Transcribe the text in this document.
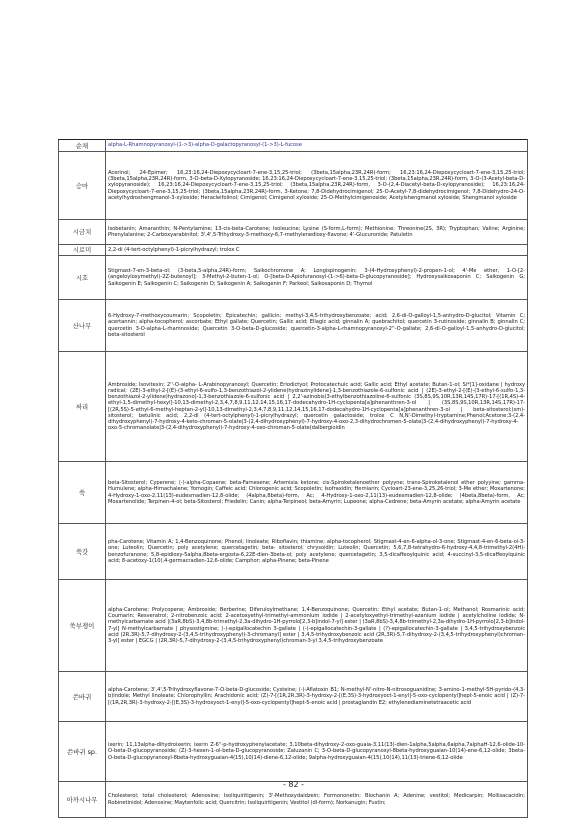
순채	alpha-L-Rhamnopyranosyl-(1->3)-alpha-D-galactopyranosyl-(1->3)-L-fucose
승마	Acerinol; 24-Epimer; 16,23:16,24-Diepoxycycloart-7-ene-3,15,25-triol; (3beta,15alpha,23R,24R)-form; 16,23:16,24-Diepoxycycloart-7-ene-3,15,25-triol; (3beta,15alpha,23R,24R)-form, 3-O-beta-D-Xylopyranoside; 16,23:16,24-Diepoxycycloart-7-ene-3,15,25-triol; (3beta,15alpha,23R,24R)-form, 3-O-(3-Acetyl-beta-D-xylopyranoside); 16,23:16,24-Diepoxycycloart-7-ene-3,15,25-triol; (3beta,15alpha,23R,24R)-form, 3-O-(2,4-Diacetyl-beta-D-xylopyranoside); 16,23:16,24-Diepoxycycloart-7-ene-3,15,25-triol; (3beta,15alpha,23R,24R)-form, 3-Ketone; 7,8-Didehydrocimigenol; 25-O-Acetyl-7,8-didehydrocimigenol; 7,8-Didehydro-24-O-acetylhydroshengmanol-3-xyloside; Heracleifolinol; Cimigenol; Cimigenol xyloside; 25-O-Methylcimigenoside; Acetylshengmanol xyloside; Shengmanol xyloside
시금치	Isobetanin; Amaranthin; N-Pentylamine; 13-cis-beta-Carotene; Isoleucine; Lysine (S-form,L-form); Methionine; Threonine(2S, 3R); Tryptophan; Valine; Arginine; Phenylalanine; 2-Carboxyarabinitol; 3',4',5-Trihydroxy-3-methoxy-6,7-methylenedioxy-flavone; 4'-Glucuronide; Patuletin
시로미	2,2-di (4-tert-octylphenyl)-1-picrylhydrazyl; trolox C
시호	Stigmast-7-en-3-beta-ol; (3-beta,5-alpha,24R)-form; Saikochromone A; Longispinogenin; 3-(4-Hydroxyphenyl)-2-propen-1-ol; 4'-Me ether, 1-O-[2-(angeloyloxymethyl)-2Z-butenoyl]; 3-Methyl-2-buten-1-ol; O-[beta-D-Apiofuranosyl-(1->6)-beta-D-glucopyranoside]; Hydroxysaikosaponin C; Saikogenin G; Saikogenin E; Saikogenin C; Saikogenin D; Saikogenin A; Saikogenin F; Parkeol; Saikosaponin D; Thymol
산나무	6-Hydroxy-7-methoxycoumarin; Scopoletin; Epicatechin; gallicin; methyl-3,4,5-trihydroxybenzoate; acid; 2,6-di-O-galloyl-1,5-anhydro-D-glucitol; Vitamin C; acertannin; alpha-tocopherol; ascorbate; Ethyl gallate; Quercetin; Gallic acid; Ellagic acid; ginnalin A; quebrachitol; quercetin 3-rutinoside; ginnalin B; ginnalin C; quercetin 3-O-alpha-L-rhamnoside; Quercetin 3-O-beta-D-glucoside; quercetin-3-alpha-L-rhamnopyranosyl-2''-O-gallate; 2,6-di-O-galloyl-1,5-anhydro-D-glucitol; beta-sitosterol
싸리	Ambroside; Isovitexin; 2''-O-alpha- L-Arabinopyranosyl; Quercetin; Eriodictyol; Protocatechuic acid; Gallic acid; Ethyl acetate; Butan-1-ol; Si*[1]-oxidane | hydroxy radical; (2E)-3-ethyl-2-[(E)-(3-ethyl-6-sulfo-1,3-benzothiazol-2-ylidene)hydrazinylidene]-1,3-benzothiazole-6-sulfonic acid | (2E)-3-ethyl-2-[(E)-(3-ethyl-6-sulfo-1,3-benzothiazol-2-ylidene)hydrazono]-1,3-benzothiazole-6-sulfonic acid | 2,2'-azinobis(3-ethylbenzothiazoline-6-sulfonic (3S,8S,9S,10R,13R,14S,17R)-17-[(1R,4S)-4-ethyl-1,5-dimethyl-hexyl]-10,13-dimethyl-2,3,4,7,8,9,11,12,14,15,16,17-dodecahydro-1H-cyclopenta[a]phenanthren-3-ol | (3S,8S,9S,10R,13R,14S,17R)-17-[(2R,5S)-5-ethyl-6-methyl-heptan-2-yl]-10,13-dimethyl-2,3,4,7,8,9,11,12,14,15,16,17-dodecahydro-1H-cyclopenta[a]phenanthren-3-ol | beta-sitosterol;(sm)-sitosterol; betulinic acid; 2,2-di (4-tert-octylphenyl)-1-picrylhydrazyl; quercetin galactoside; trolox C N,N'-Dimethyl-tryptamine;Phenol;Acetone;3-(2,4-dihydroxyphenyl)-7-hydroxy-4-keto-chroman-5-olate|3-(2,4-dihydroxyphenyl)-7-hydroxy-4-oxo-2,3-dihydrochromen-5-olate|3-(2,4-dihydroxyphenyl)-7-hydroxy-4-oxo-5-chromanolate|3-(2,4-dihydroxyphenyl)-7-hydroxy-4-oxo-chroman-5-olate(dalbergioidin
쑥	beta-Sitosterol; Cyperene; (-)-alpha-Copaene; beta-Farnesene; Artemisia ketone; cis-Spiroketalenoether polyyne; trans-Spiroketalenol ether polyyine; gamma-Humulene; alpha-Himachalene; Yomogin; Caffeic acid; Chlorogenic acid; Scopoletin; Isofraxidin; Herniarin; Cycloart-23-ene-3,25,26-triol; 3-Me ether; Moxartenone; 4-Hydroxy-1-oxo-2,11(13)-eudesmadien-12,8-olide; (4alpha,8beta)-form, Ac; 4-Hydroxy-1-oxo-2,11(13)-eudesmadien-12,8-olide; (4beta,8beta)-form, Ac; Moxartenolide; Terpinen-4-ol; beta-Sitosterol; Friedelin; Canin; alpha-Terpineol; beta-Amyrin; Lupeone; alpha-Cedrene; beta-Amyrin acetate; alpha-Amyrin acetate
쑥갓	pha-Carotene; Vitamin A; 1,4-Benzoquinone; Phenol; linoleate; Riboflavin; thiamine; alpha-tocopherol; Stigmast-4-en-6-alpha-ol-3-one; Stigmast-4-en-6-beta-ol-3-one; Luteolin; Quercetin; poly acetylene; quercetagetin; beta- sitosterol; chrysoidin; Luteolin; Quercetin; 5,6,7,8-tetrahydro-6-hydroxy-4,4,8-trimethyl-2(4H)-benzofuranone; 5,8-epidioxy-5alpha,8beta-ergosta-6,22E-dien-3beta-ol; poly acetylene; quercetagetin; 3,5-dicaffeoylquinic acid; 4-succinyl-3,5-dicaffeoylquinic acid; 8-acetoxy-1(10),4-germacradien-12,6-olide; Camphor; alpha-Pinene; beta-Pinene
쑥부쟁이	alpha-Carotene; Prolycopene; Ambroside; Berberine; Diferuloylmethane; 1,4-Benzoquinone; Quercetin; Ethyl acetate; Butan-1-ol; Methanol; Rosmarinic acid; Coumarin; Resveratrol; 2-nitrobenzoic acid; 2-acetoxyethyl-trimethyl-ammonium iodide | 2-acetyloxyethyl-trimethyl-azanium iodide | acetylcholine iodide; N-methylcarbamate acid |(3aR,8bS)-3,4,8b-trimethyl-2,3a-dihydro-1H-pyrrolo[2,3-b]indol-7-yl] ester | (3aR,8bS)-3,4,8b-trimethyl-2,3a-dihydro-1H-pyrrolo[2,3-b]indol-7-yl] N-methylcarbamate | physostigmine; (-)-epigallocatechin 3-gallate | (-)-epigallocatechin-3-gallate | (?)-epigallocatechin-3-gallate | 3,4,5-trihydroxybenzoic acid (2R,3R)-5,7-dihydroxy-2-(3,4,5-trihydroxyphenyl)-3-chromanyl] ester | 3,4,5-trihydroxybenzoic acid (2R,3R)-5,7-dihydroxy-2-(3,4,5-trihydroxyphenyl)chroman-3-yl] ester | EGCG | (2R,3R)-5,7-dihydroxy-2-(3,4,5-trihydroxyphenyl)chroman-3-yl 3,4,5-trihydroxybenzoate
쓴바귀	alpha-Carotene; 3',4',5-Trihydroxyflavone-7-O-beta-D-glucoside; Cysteine; (-)-Aflatoxin B1; N-methyl-N'-nitro-N-nitrosoguanidine; 3-amino-1-methyl-5H-pyrido-(4,3-b)indole; Methyl linoleate; Chlorophyllin; Arachidonic acid; (Z)-7-[(1R,2R,3R)-3-hydroxy-2-[(E,3S)-3-hydroxyoct-1-enyl]-5-oxo-cyclopentyl]hept-5-enoic acid | (Z)-7-[(1R,2R,3R)-3-hydroxy-2-[(E,3S)-3-hydroxyoct-1-enyl]-5-oxo-cyclopentyl]hept-5-enoic acid | prostaglandin E2; ethylenediaminetetraacetic acid
쓴바귀 sp.	ixerin; 11,13alpha-dihydroixerin; ixerin Z-6''-p-hydroxyphenylacetate; 3,10beta-dihydroxy-2-oxo-guaia-3,11(13)-dien-1alpha,5alpha,6alpha,7alphaH-12,6-olide-10-O-beta-D-glucopyranoside; (Z)-3-hexen-1-ol-beta-D-glucopyranoside; Zaluzanin C; 3-O-beta-D-glucopyranosyl-8beta-hydroxyguaian-10(14)-ene-6,12-olide; 3beta-O-beta-D-glucopyranosyl-8beta-hydroxyguaian-4(15),10(14)-diene-6,12-olide; 9alpha-hydroxyguaian-4(15),10(14),11(13)-triene-6,12-olide
아까시나무	Cholesterol; total cholesterol; Adenosine; Isoliquiritigenin; 3'-Methoxydaidzein; Formononetin; Biochanin A; Adenine; vestitol; Medicarpin; Mollisacacidin; Robinetinidol; Adenosine; Maytenfolic acid; Quercitrin; Isoliquiritigenin; Vestitol (dl-form); Norkanugin; Fustin;
- 82 -
